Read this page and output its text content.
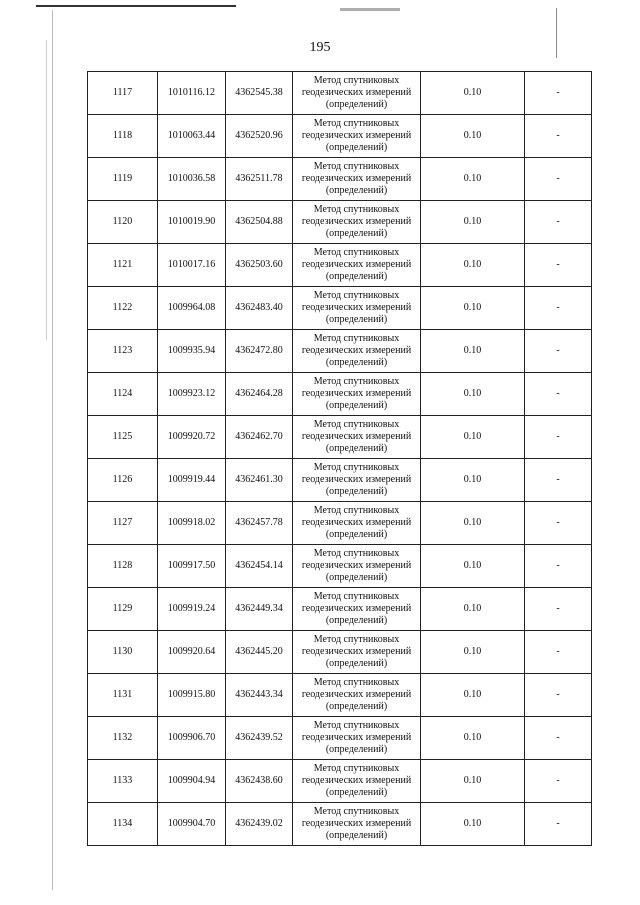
195
1117	1010116.12	4362545.38	Метод спутниковых
геодезических измерений
(определений)	0.10	-
1118	1010063.44	4362520.96	Метод спутниковых
геодезических измерений
(определений)	0.10	-
1119	1010036.58	4362511.78	Метод спутниковых
геодезических измерений
(определений)	0.10	-
1120	1010019.90	4362504.88	Метод спутниковых
геодезических измерений
(определений)	0.10	-
1121	1010017.16	4362503.60	Метод спутниковых
геодезических измерений
(определений)	0.10	-
1122	1009964.08	4362483.40	Метод спутниковых
геодезических измерений
(определений)	0.10	-
1123	1009935.94	4362472.80	Метод спутниковых
геодезических измерений
(определений)	0.10	-
1124	1009923.12	4362464.28	Метод спутниковых
геодезических измерений
(определений)	0.10	-
1125	1009920.72	4362462.70	Метод спутниковых
геодезических измерений
(определений)	0.10	-
1126	1009919.44	4362461.30	Метод спутниковых
геодезических измерений
(определений)	0.10	-
1127	1009918.02	4362457.78	Метод спутниковых
геодезических измерений
(определений)	0.10	-
1128	1009917.50	4362454.14	Метод спутниковых
геодезических измерений
(определений)	0.10	-
1129	1009919.24	4362449.34	Метод спутниковых
геодезических измерений
(определений)	0.10	-
1130	1009920.64	4362445.20	Метод спутниковых
геодезических измерений
(определений)	0.10	-
1131	1009915.80	4362443.34	Метод спутниковых
геодезических измерений
(определений)	0.10	-
1132	1009906.70	4362439.52	Метод спутниковых
геодезических измерений
(определений)	0.10	-
1133	1009904.94	4362438.60	Метод спутниковых
геодезических измерений
(определений)	0.10	-
1134	1009904.70	4362439.02	Метод спутниковых
геодезических измерений
(определений)	0.10	-
